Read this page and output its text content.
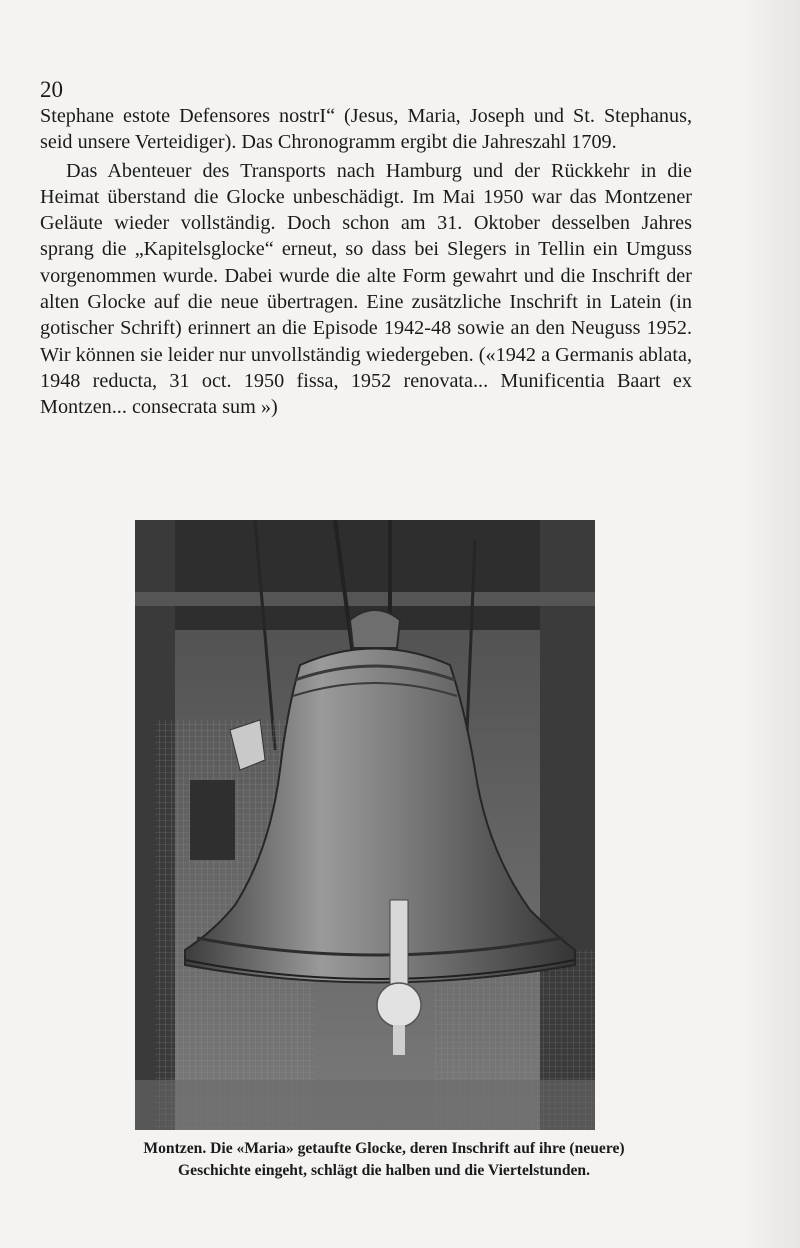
20

Stephane estote Defensores nostrI“ (Jesus, Maria, Joseph und St. Stephanus, seid unsere Verteidiger). Das Chronogramm ergibt die Jahreszahl 1709.

Das Abenteuer des Transports nach Hamburg und der Rückkehr in die Heimat überstand die Glocke unbeschädigt. Im Mai 1950 war das Montzener Geläute wieder vollständig. Doch schon am 31. Oktober desselben Jahres sprang die „Kapitelsglocke“ erneut, so dass bei Slegers in Tellin ein Umguss vorgenommen wurde. Dabei wurde die alte Form gewahrt und die Inschrift der alten Glocke auf die neue übertragen. Eine zusätzliche Inschrift in Latein (in gotischer Schrift) erinnert an die Episode 1942-48 sowie an den Neuguss 1952. Wir können sie leider nur unvollständig wiedergeben. («1942 a Germanis ablata, 1948 reducta, 31 oct. 1950 fissa, 1952 renovata... Munificentia Baart ex Montzen... consecrata sum »)

Montzen. Die «Maria» getaufte Glocke, deren Inschrift auf ihre (neuere)
Geschichte eingeht, schlägt die halben und die Viertelstunden.
